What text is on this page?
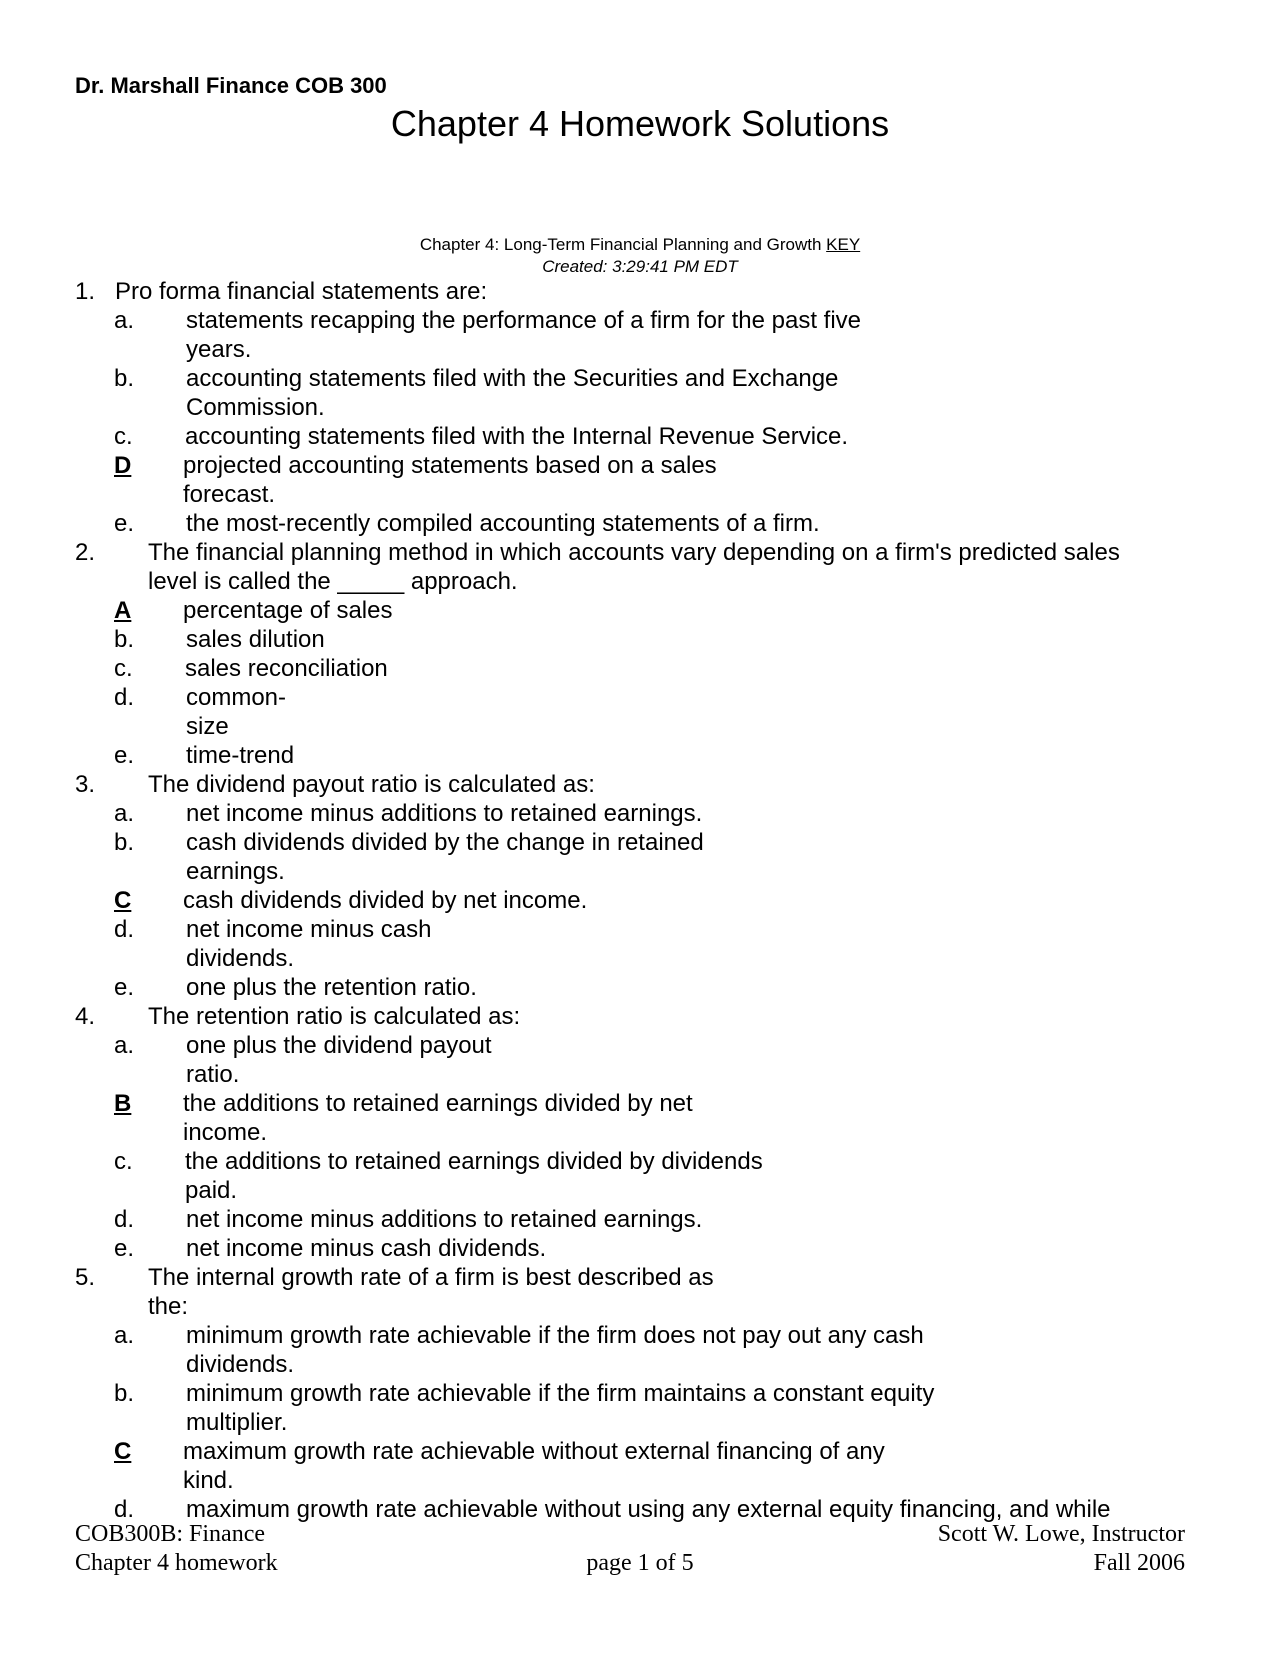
Dr. Marshall Finance COB 300
Chapter 4 Homework Solutions
Chapter 4: Long-Term Financial Planning and Growth KEY
Created: 3:29:41 PM EDT
1. Pro forma financial statements are:
a. statements recapping the performance of a firm for the past five
years.
b. accounting statements filed with the Securities and Exchange
Commission.
c. accounting statements filed with the Internal Revenue Service.
D projected accounting statements based on a sales
forecast.
e. the most-recently compiled accounting statements of a firm.
2. The financial planning method in which accounts vary depending on a firm's predicted sales
level is called the _____ approach.
A percentage of sales
b. sales dilution
c. sales reconciliation
d. common-
size
e. time-trend
3. The dividend payout ratio is calculated as:
a. net income minus additions to retained earnings.
b. cash dividends divided by the change in retained
earnings.
C cash dividends divided by net income.
d. net income minus cash
dividends.
e. one plus the retention ratio.
4. The retention ratio is calculated as:
a. one plus the dividend payout
ratio.
B the additions to retained earnings divided by net
income.
c. the additions to retained earnings divided by dividends
paid.
d. net income minus additions to retained earnings.
e. net income minus cash dividends.
5. The internal growth rate of a firm is best described as
the:
a. minimum growth rate achievable if the firm does not pay out any cash
dividends.
b. minimum growth rate achievable if the firm maintains a constant equity
multiplier.
C maximum growth rate achievable without external financing of any
kind.
d. maximum growth rate achievable without using any external equity financing, and while
COB300B: Finance
Chapter 4 homework	page 1 of 5
Scott W. Lowe, Instructor
Fall 2006
